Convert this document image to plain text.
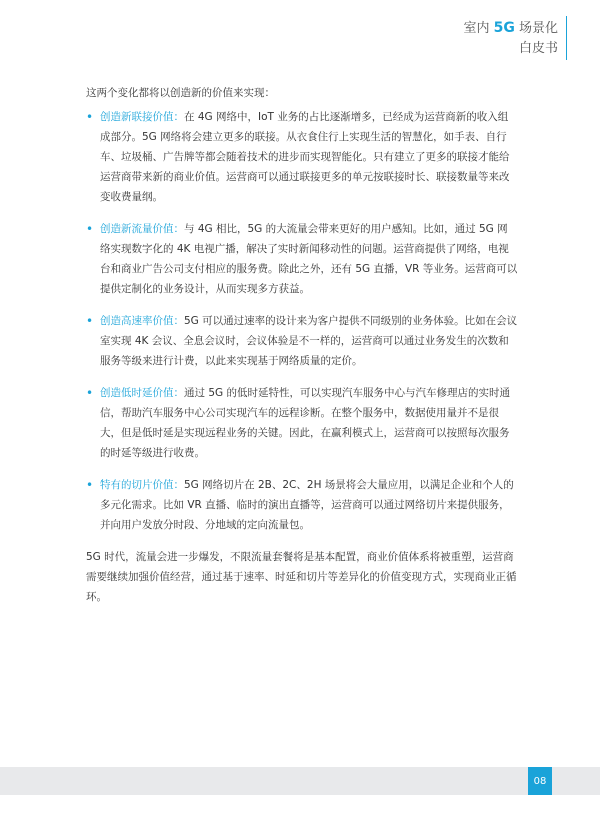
室内 5G 场景化
白皮书

这两个变化都将以创造新的价值来实现：

• 创造新联接价值：在 4G 网络中，IoT 业务的占比逐渐增多，已经成为运营商新的收入组成部分。5G 网络将会建立更多的联接。从衣食住行上实现生活的智慧化，如手表、自行车、垃圾桶、广告牌等都会随着技术的进步而实现智能化。只有建立了更多的联接才能给运营商带来新的商业价值。运营商可以通过联接更多的单元按联接时长、联接数量等来改变收费量纲。
• 创造新流量价值：与 4G 相比，5G 的大流量会带来更好的用户感知。比如，通过 5G 网络实现数字化的 4K 电视广播，解决了实时新闻移动性的问题。运营商提供了网络，电视台和商业广告公司支付相应的服务费。除此之外，还有 5G 直播，VR 等业务。运营商可以提供定制化的业务设计，从而实现多方获益。
• 创造高速率价值：5G 可以通过速率的设计来为客户提供不同级别的业务体验。比如在会议室实现 4K 会议、全息会议时，会议体验是不一样的，运营商可以通过业务发生的次数和服务等级来进行计费，以此来实现基于网络质量的定价。
• 创造低时延价值：通过 5G 的低时延特性，可以实现汽车服务中心与汽车修理店的实时通信，帮助汽车服务中心公司实现汽车的远程诊断。在整个服务中，数据使用量并不是很大，但是低时延是实现远程业务的关键。因此，在赢利模式上，运营商可以按照每次服务的时延等级进行收费。
• 特有的切片价值：5G 网络切片在 2B、2C、2H 场景将会大量应用，以满足企业和个人的多元化需求。比如 VR 直播、临时的演出直播等，运营商可以通过网络切片来提供服务，并向用户发放分时段、分地域的定向流量包。

5G 时代，流量会进一步爆发，不限流量套餐将是基本配置，商业价值体系将被重塑，运营商需要继续加强价值经营，通过基于速率、时延和切片等差异化的价值变现方式，实现商业正循环。

08
